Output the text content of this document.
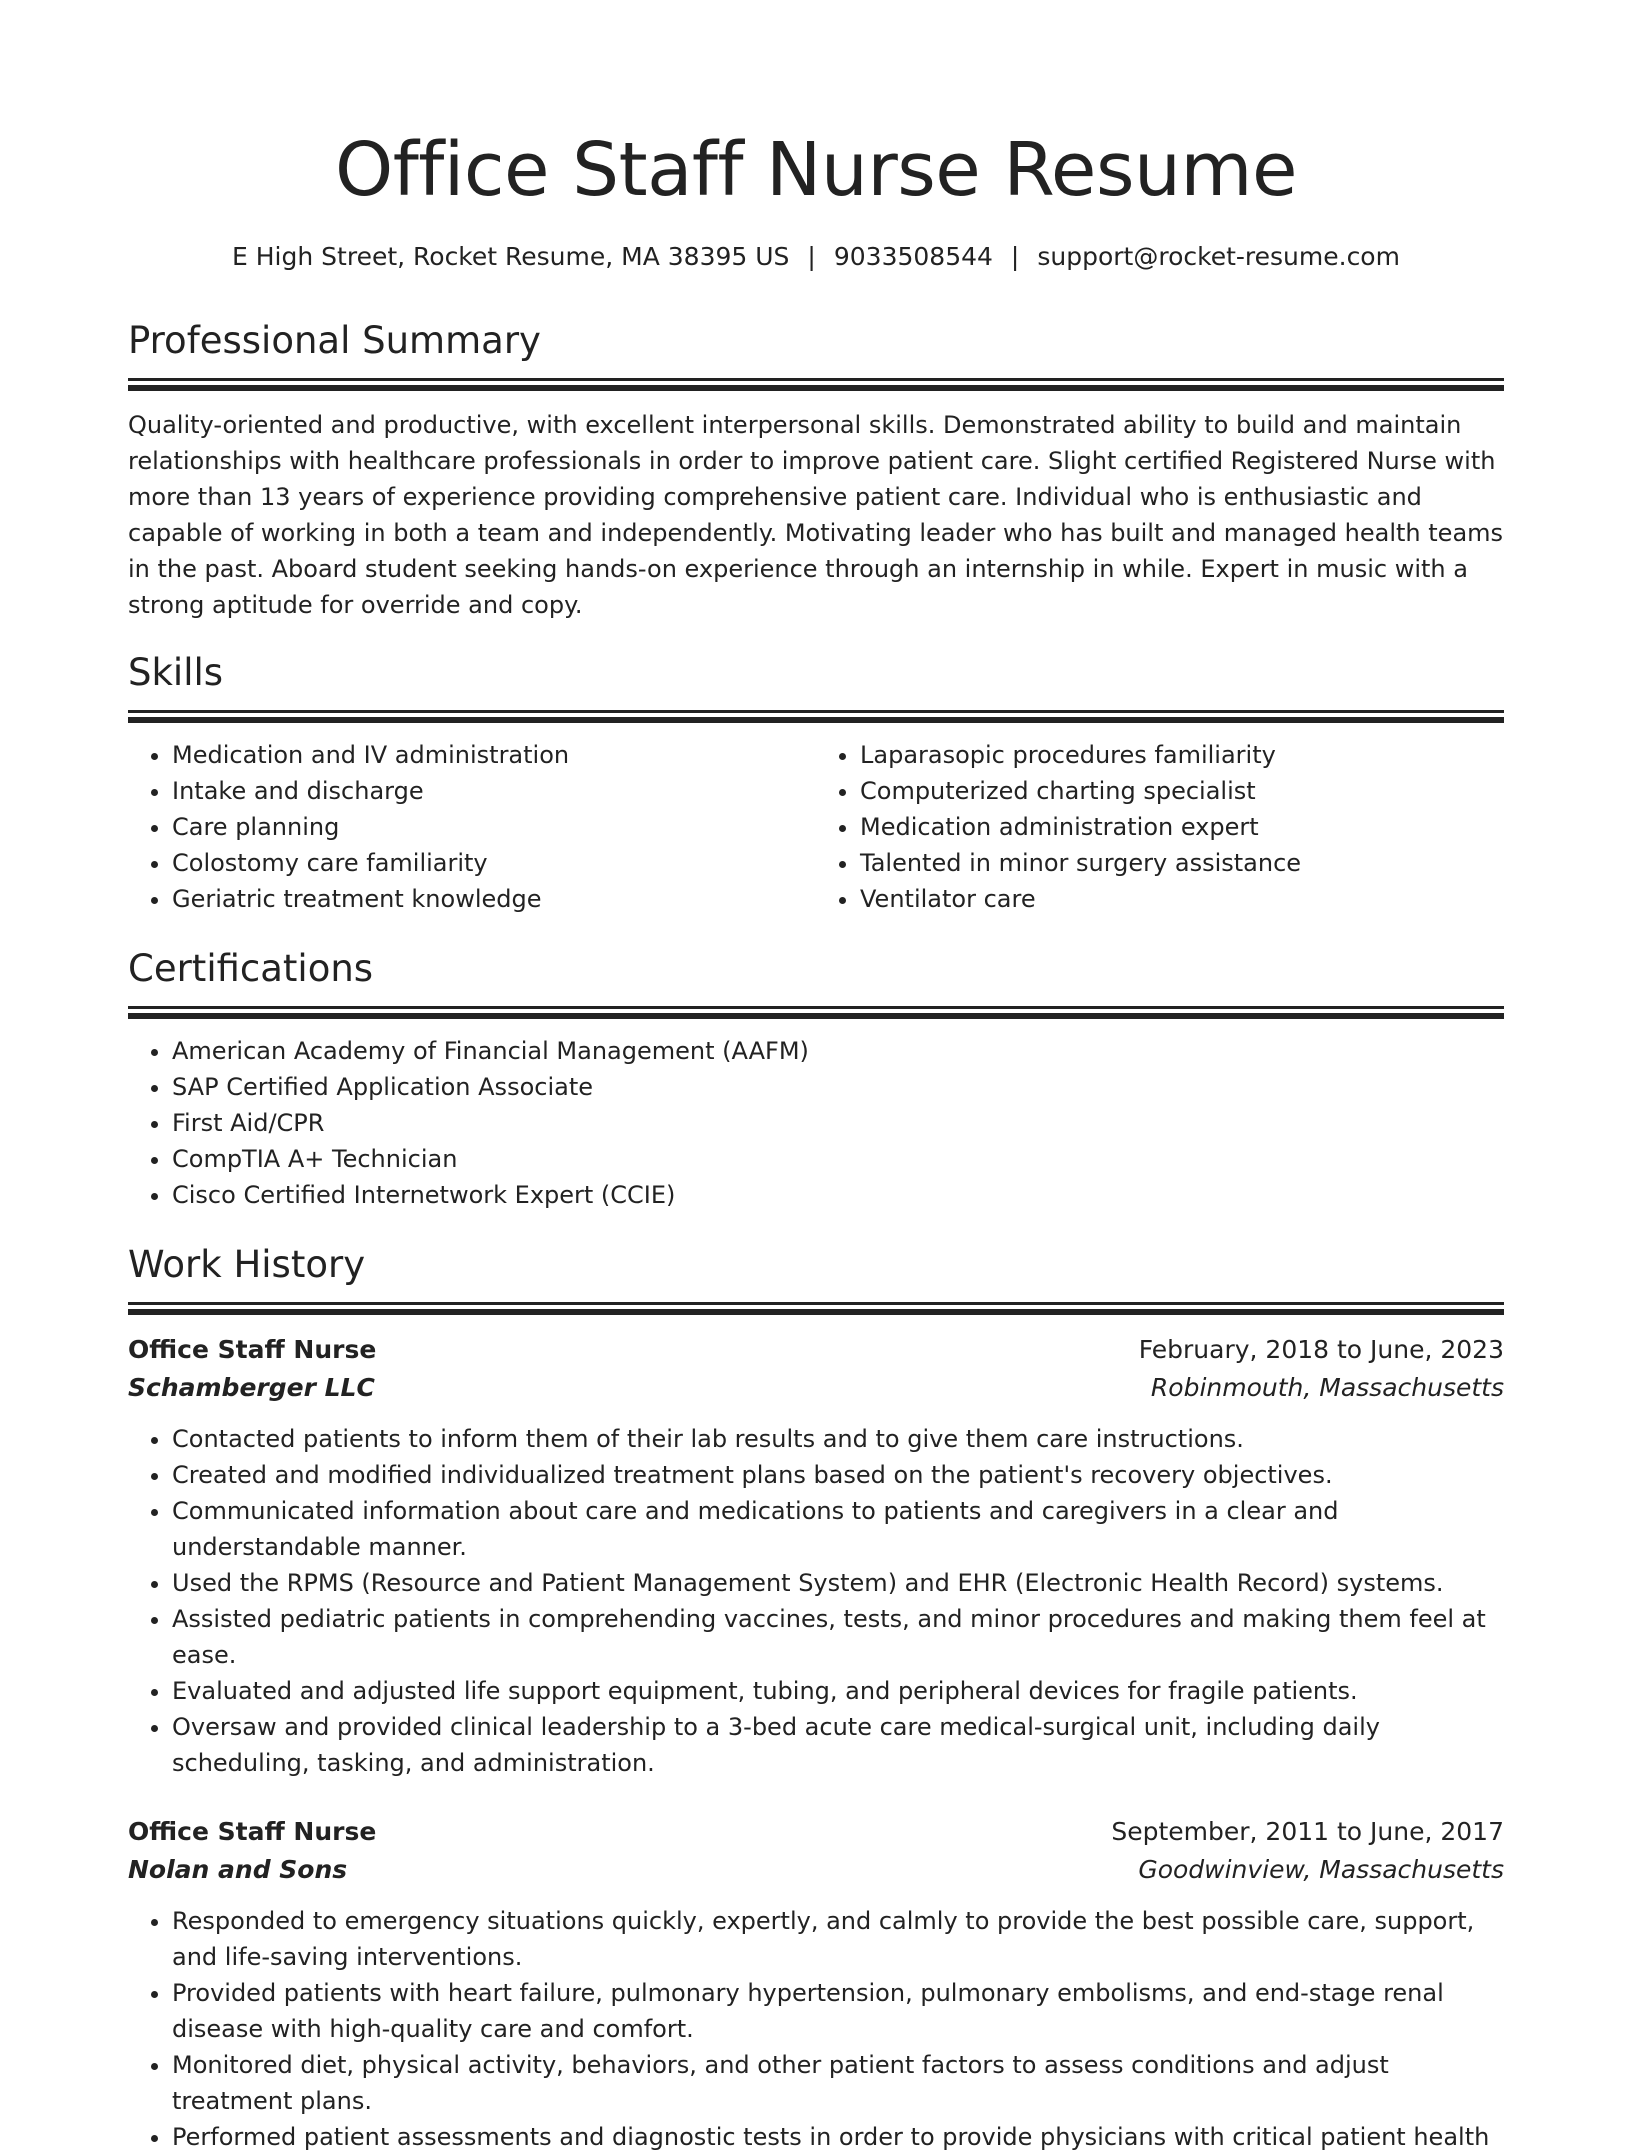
Office Staff Nurse Resume
E High Street, Rocket Resume, MA 38395 US | 9033508544 | support@rocket-resume.com
Professional Summary
Quality-oriented and productive, with excellent interpersonal skills. Demonstrated ability to build and maintain relationships with healthcare professionals in order to improve patient care. Slight certified Registered Nurse with more than 13 years of experience providing comprehensive patient care. Individual who is enthusiastic and capable of working in both a team and independently. Motivating leader who has built and managed health teams in the past. Aboard student seeking hands-on experience through an internship in while. Expert in music with a strong aptitude for override and copy.
Skills
• Medication and IV administration
• Intake and discharge
• Care planning
• Colostomy care familiarity
• Geriatric treatment knowledge
• Laparasopic procedures familiarity
• Computerized charting specialist
• Medication administration expert
• Talented in minor surgery assistance
• Ventilator care
Certifications
• American Academy of Financial Management (AAFM)
• SAP Certified Application Associate
• First Aid/CPR
• CompTIA A+ Technician
• Cisco Certified Internetwork Expert (CCIE)
Work History
Office Staff Nurse	February, 2018 to June, 2023
Schamberger LLC	Robinmouth, Massachusetts
• Contacted patients to inform them of their lab results and to give them care instructions.
• Created and modified individualized treatment plans based on the patient's recovery objectives.
• Communicated information about care and medications to patients and caregivers in a clear and understandable manner.
• Used the RPMS (Resource and Patient Management System) and EHR (Electronic Health Record) systems.
• Assisted pediatric patients in comprehending vaccines, tests, and minor procedures and making them feel at ease.
• Evaluated and adjusted life support equipment, tubing, and peripheral devices for fragile patients.
• Oversaw and provided clinical leadership to a 3-bed acute care medical-surgical unit, including daily scheduling, tasking, and administration.
Office Staff Nurse	September, 2011 to June, 2017
Nolan and Sons	Goodwinview, Massachusetts
• Responded to emergency situations quickly, expertly, and calmly to provide the best possible care, support, and life-saving interventions.
• Provided patients with heart failure, pulmonary hypertension, pulmonary embolisms, and end-stage renal disease with high-quality care and comfort.
• Monitored diet, physical activity, behaviors, and other patient factors to assess conditions and adjust treatment plans.
• Performed patient assessments and diagnostic tests in order to provide physicians with critical patient health
